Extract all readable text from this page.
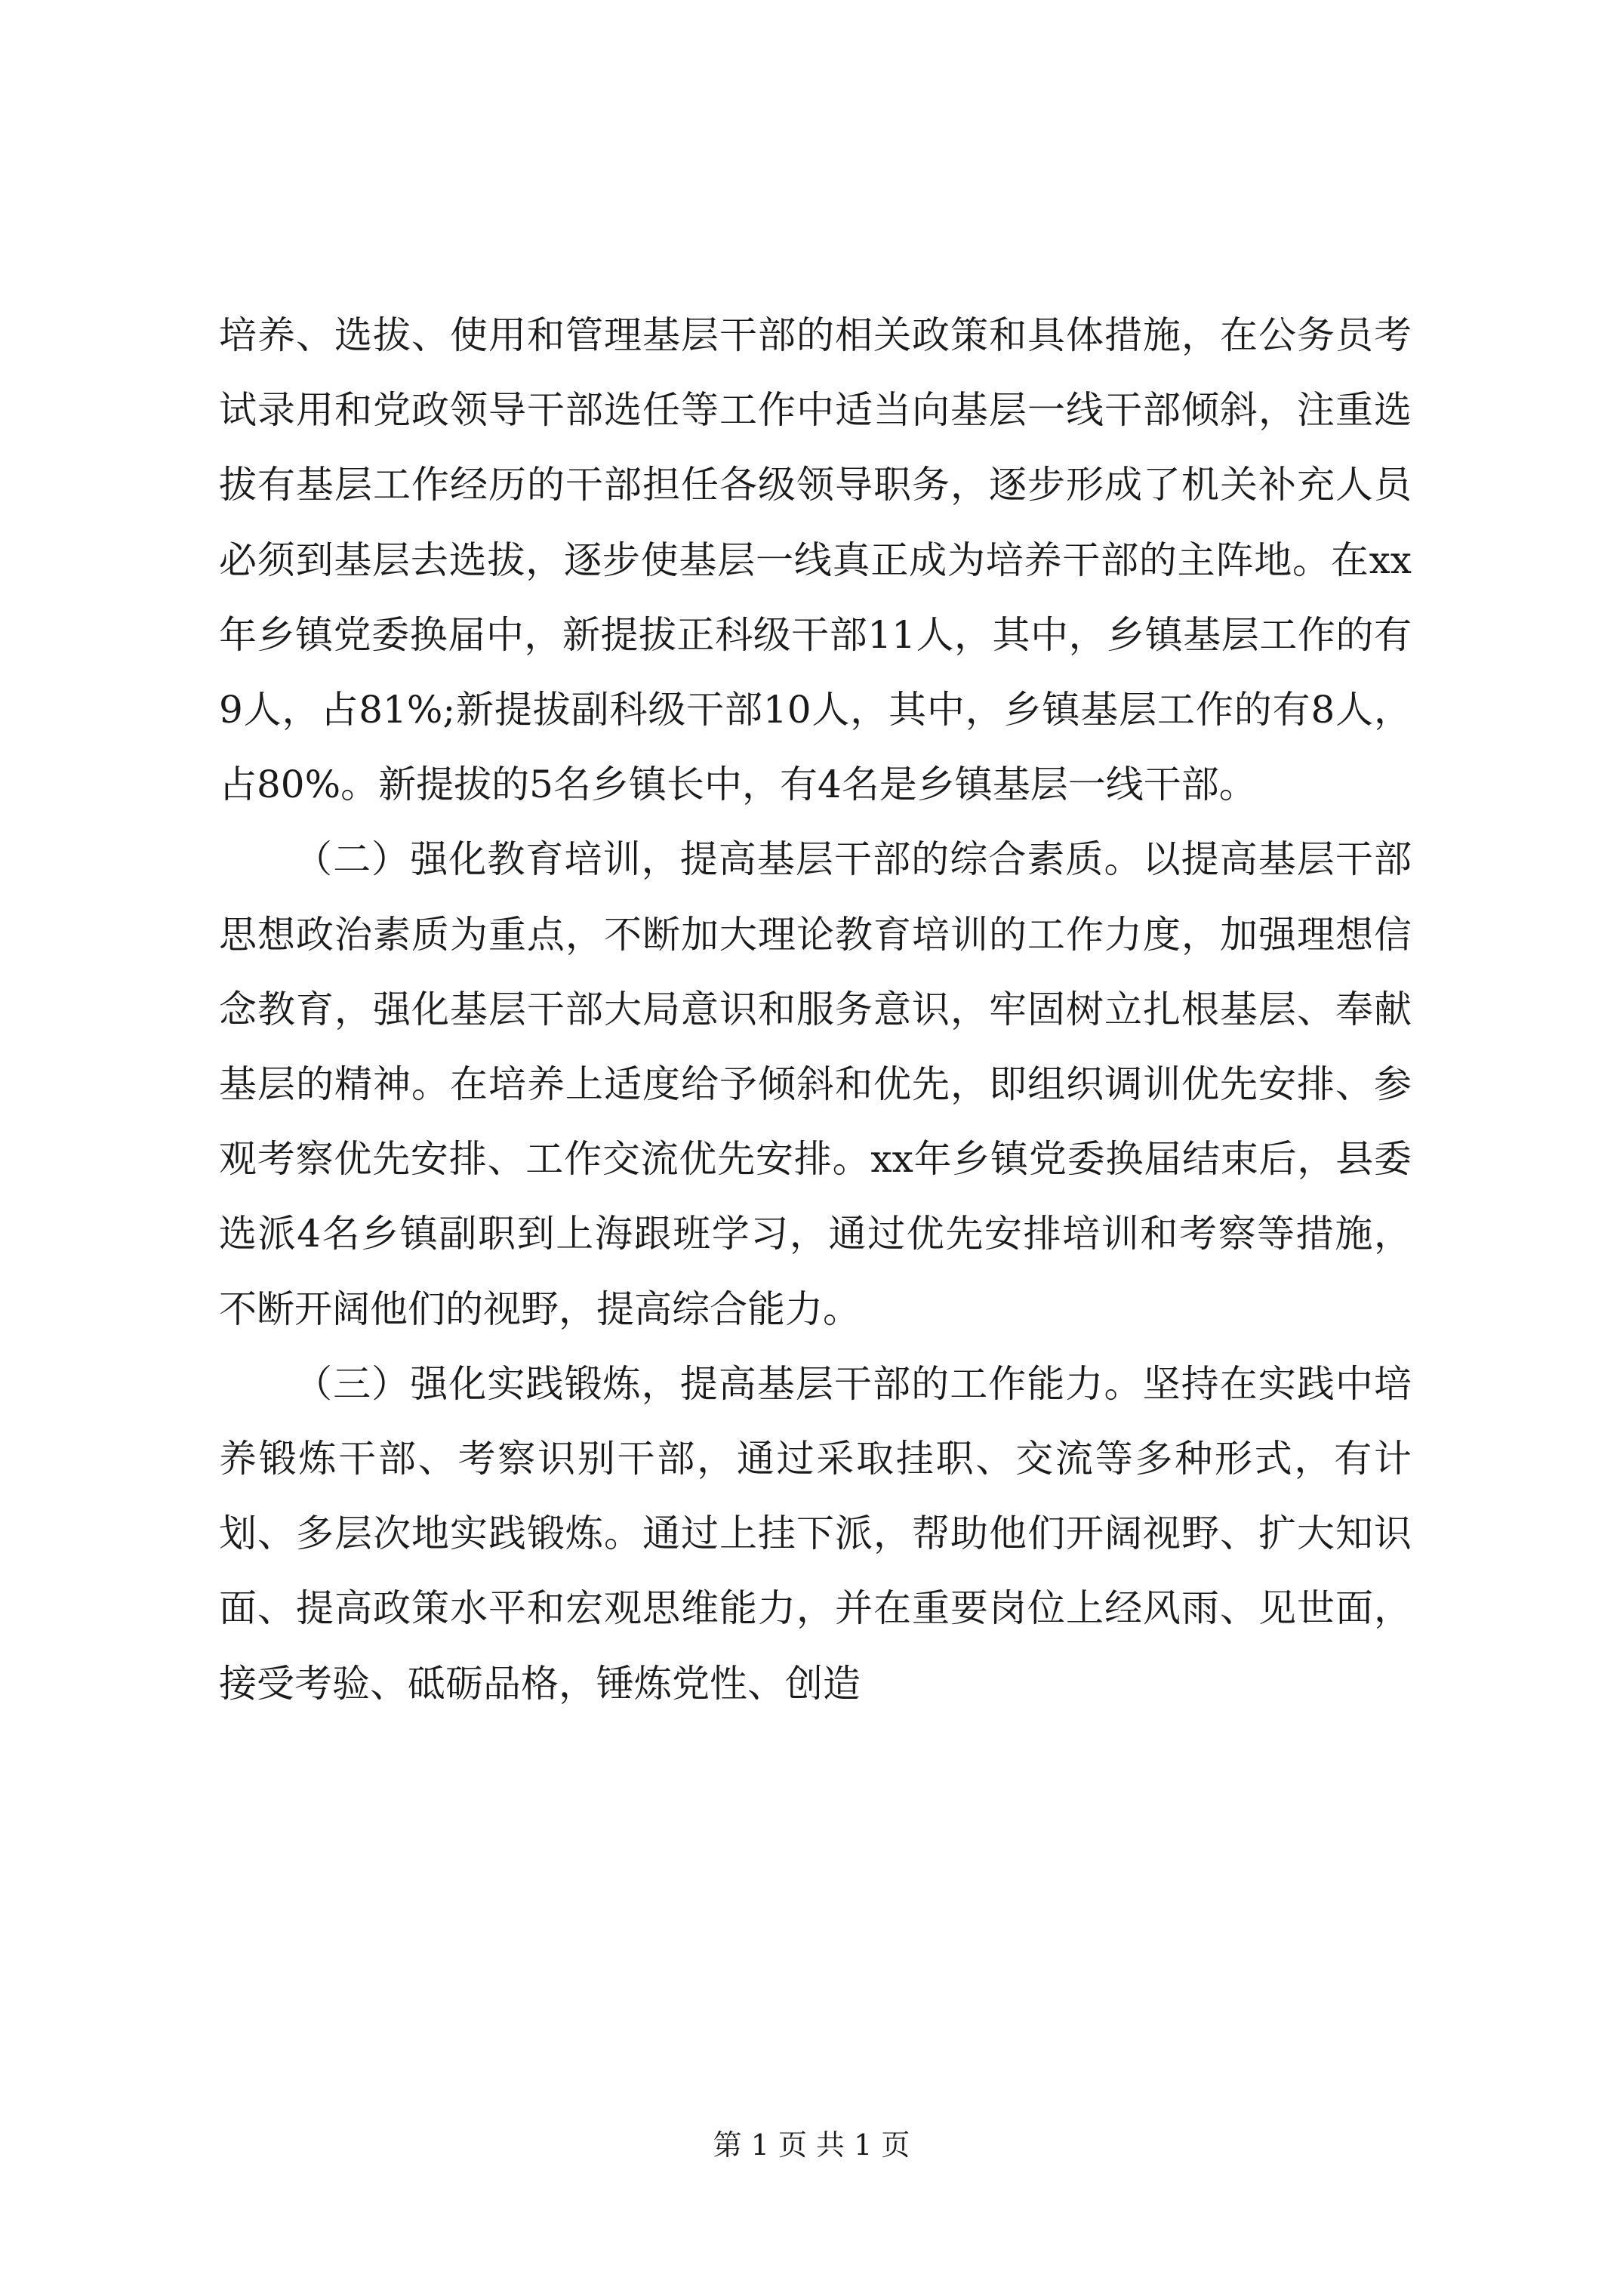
培养、选拔、使用和管理基层干部的相关政策和具体措施，在公务员考试录用和党政领导干部选任等工作中适当向基层一线干部倾斜，注重选拔有基层工作经历的干部担任各级领导职务，逐步形成了机关补充人员必须到基层去选拔，逐步使基层一线真正成为培养干部的主阵地。在xx年乡镇党委换届中，新提拔正科级干部11人，其中，乡镇基层工作的有9人，占81%;新提拔副科级干部10人，其中，乡镇基层工作的有8人，占80%。新提拔的5名乡镇长中，有4名是乡镇基层一线干部。

（二）强化教育培训，提高基层干部的综合素质。以提高基层干部思想政治素质为重点，不断加大理论教育培训的工作力度，加强理想信念教育，强化基层干部大局意识和服务意识，牢固树立扎根基层、奉献基层的精神。在培养上适度给予倾斜和优先，即组织调训优先安排、参观考察优先安排、工作交流优先安排。xx年乡镇党委换届结束后，县委选派4名乡镇副职到上海跟班学习，通过优先安排培训和考察等措施，不断开阔他们的视野，提高综合能力。

（三）强化实践锻炼，提高基层干部的工作能力。坚持在实践中培养锻炼干部、考察识别干部，通过采取挂职、交流等多种形式，有计划、多层次地实践锻炼。通过上挂下派，帮助他们开阔视野、扩大知识面、提高政策水平和宏观思维能力，并在重要岗位上经风雨、见世面，接受考验、砥砺品格，锤炼党性、创造

第 1 页 共 1 页
